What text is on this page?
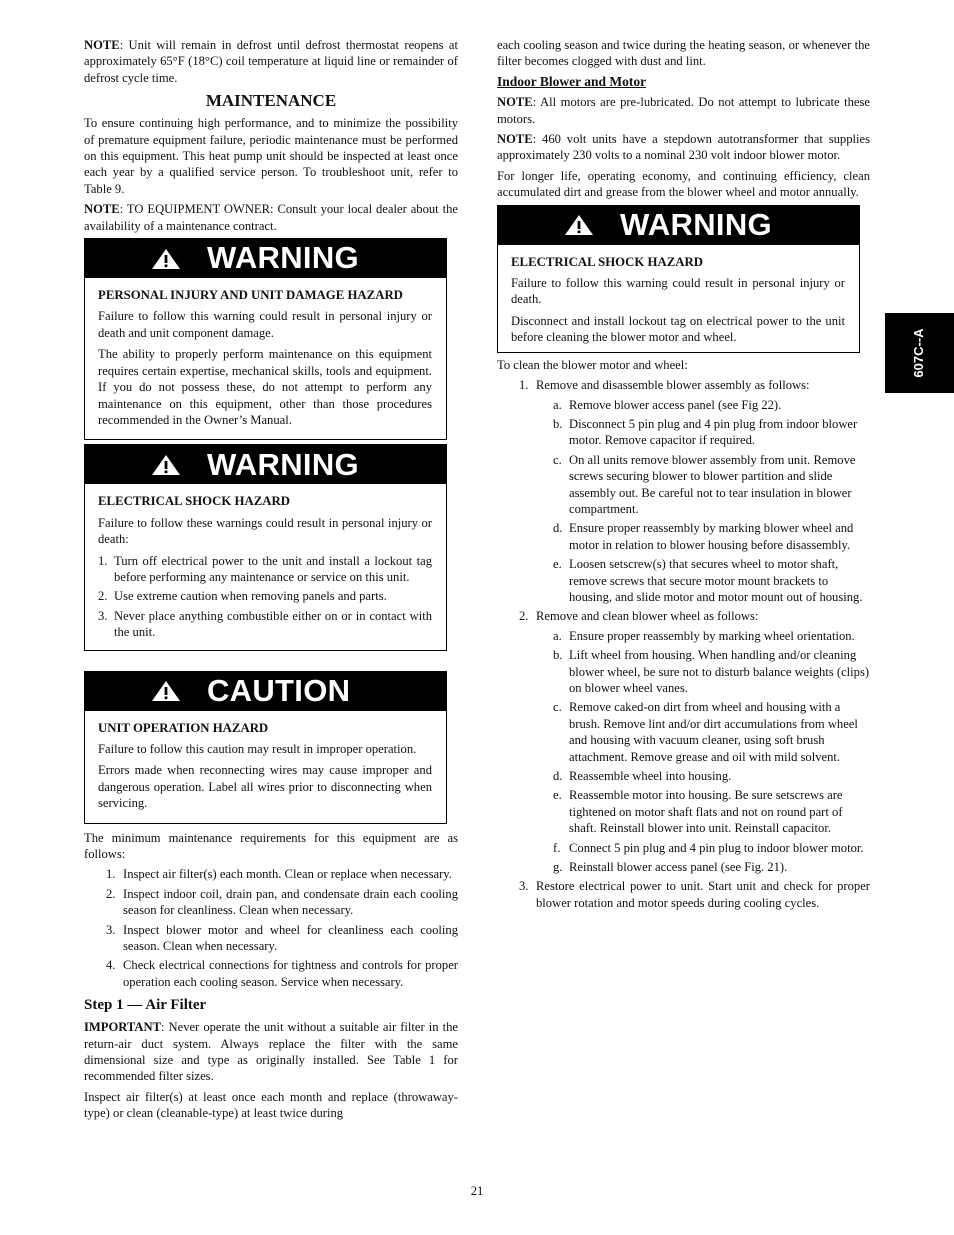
NOTE: Unit will remain in defrost until defrost thermostat reopens at approximately 65°F (18°C) coil temperature at liquid line or remainder of defrost cycle time.

MAINTENANCE

To ensure continuing high performance, and to minimize the possibility of premature equipment failure, periodic maintenance must be performed on this equipment. This heat pump unit should be inspected at least once each year by a qualified service person. To troubleshoot unit, refer to Table 9.

NOTE: TO EQUIPMENT OWNER: Consult your local dealer about the availability of a maintenance contract.

WARNING
PERSONAL INJURY AND UNIT DAMAGE HAZARD

Failure to follow this warning could result in personal injury or death and unit component damage.

The ability to properly perform maintenance on this equipment requires certain expertise, mechanical skills, tools and equipment. If you do not possess these, do not attempt to perform any maintenance on this equipment, other than those procedures recommended in the Owner’s Manual.

WARNING
ELECTRICAL SHOCK HAZARD

Failure to follow these warnings could result in personal injury or death:

1. Turn off electrical power to the unit and install a lockout tag before performing any maintenance or service on this unit.
2. Use extreme caution when removing panels and parts.
3. Never place anything combustible either on or in contact with the unit.
CAUTION
UNIT OPERATION HAZARD

Failure to follow this caution may result in improper operation.

Errors made when reconnecting wires may cause improper and dangerous operation. Label all wires prior to disconnecting when servicing.

The minimum maintenance requirements for this equipment are as follows:

1. Inspect air filter(s) each month. Clean or replace when necessary.
2. Inspect indoor coil, drain pan, and condensate drain each cooling season for cleanliness. Clean when necessary.
3. Inspect blower motor and wheel for cleanliness each cooling season. Clean when necessary.
4. Check electrical connections for tightness and controls for proper operation each cooling season. Service when necessary.
Step 1 — Air Filter

IMPORTANT: Never operate the unit without a suitable air filter in the return-air duct system. Always replace the filter with the same dimensional size and type as originally installed. See Table 1 for recommended filter sizes.

Inspect air filter(s) at least once each month and replace (throwaway-type) or clean (cleanable-type) at least twice during

each cooling season and twice during the heating season, or whenever the filter becomes clogged with dust and lint.

Indoor Blower and Motor

NOTE: All motors are pre-lubricated. Do not attempt to lubricate these motors.

NOTE: 460 volt units have a stepdown autotransformer that supplies approximately 230 volts to a nominal 230 volt indoor blower motor.

For longer life, operating economy, and continuing efficiency, clean accumulated dirt and grease from the blower wheel and motor annually.

WARNING
ELECTRICAL SHOCK HAZARD

Failure to follow this warning could result in personal injury or death.

Disconnect and install lockout tag on electrical power to the unit before cleaning the blower motor and wheel.

To clean the blower motor and wheel:

1. Remove and disassemble blower assembly as follows:
a. Remove blower access panel (see Fig 22).
b. Disconnect 5 pin plug and 4 pin plug from indoor blower motor. Remove capacitor if required.
c. On all units remove blower assembly from unit. Remove screws securing blower to blower partition and slide assembly out. Be careful not to tear insulation in blower compartment.
d. Ensure proper reassembly by marking blower wheel and motor in relation to blower housing before disassembly.
e. Loosen setscrew(s) that secures wheel to motor shaft, remove screws that secure motor mount brackets to housing, and slide motor and motor mount out of housing.
2. Remove and clean blower wheel as follows:
a. Ensure proper reassembly by marking wheel orientation.
b. Lift wheel from housing. When handling and/or cleaning blower wheel, be sure not to disturb balance weights (clips) on blower wheel vanes.
c. Remove caked-on dirt from wheel and housing with a brush. Remove lint and/or dirt accumulations from wheel and housing with vacuum cleaner, using soft brush attachment. Remove grease and oil with mild solvent.
d. Reassemble wheel into housing.
e. Reassemble motor into housing. Be sure setscrews are tightened on motor shaft flats and not on round part of shaft. Reinstall blower into unit. Reinstall capacitor.
f. Connect 5 pin plug and 4 pin plug to indoor blower motor.
g. Reinstall blower access panel (see Fig. 21).
3. Restore electrical power to unit. Start unit and check for proper blower rotation and motor speeds during cooling cycles.
607C--A
21
